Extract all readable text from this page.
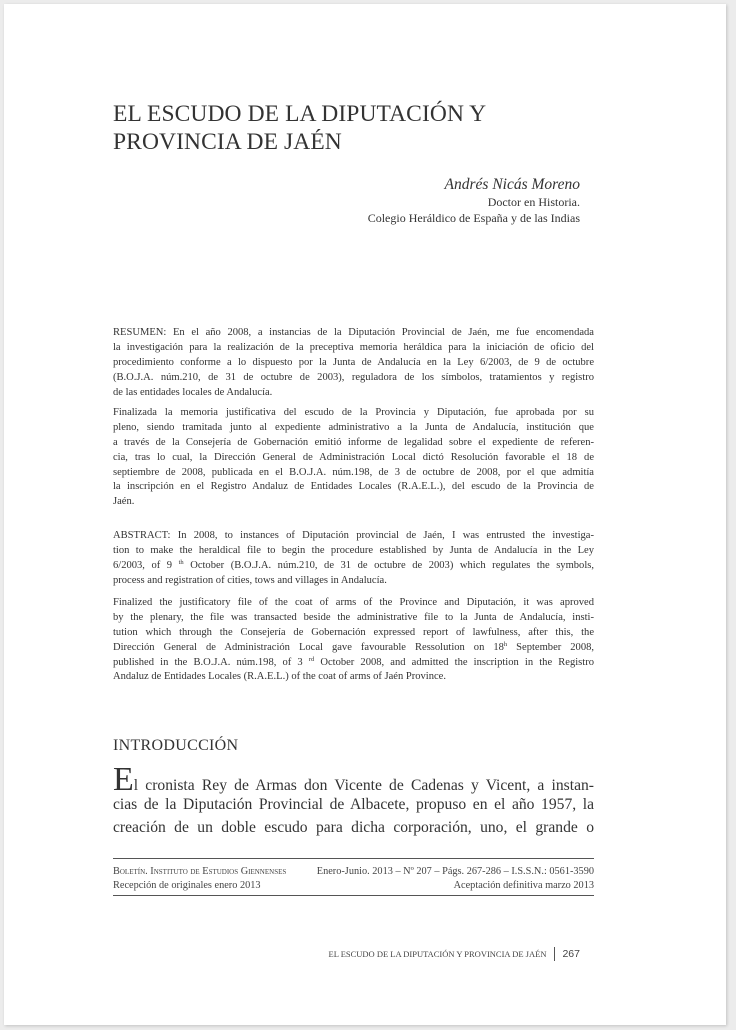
EL ESCUDO DE LA DIPUTACIÓN Y
PROVINCIA DE JAÉN
Andrés Nicás Moreno
Doctor en Historia.
Colegio Heráldico de España y de las Indias
RESUMEN: En el año 2008, a instancias de la Diputación Provincial de Jaén, me fue encomendada
la investigación para la realización de la preceptiva memoria heráldica para la iniciación de oficio del
procedimiento conforme a lo dispuesto por la Junta de Andalucía en la Ley 6/2003, de 9 de octubre
(B.O.J.A. núm.210, de 31 de octubre de 2003), reguladora de los símbolos, tratamientos y registro
de las entidades locales de Andalucía.
Finalizada la memoria justificativa del escudo de la Provincia y Diputación, fue aprobada por su
pleno, siendo tramitada junto al expediente administrativo a la Junta de Andalucía, institución que
a través de la Consejería de Gobernación emitió informe de legalidad sobre el expediente de referen-
cia, tras lo cual, la Dirección General de Administración Local dictó Resolución favorable el 18 de
septiembre de 2008, publicada en el B.O.J.A. núm.198, de 3 de octubre de 2008, por el que admitía
la inscripción en el Registro Andaluz de Entidades Locales (R.A.E.L.), del escudo de la Provincia de
Jaén.
ABSTRACT: In 2008, to instances of Diputación provincial de Jaén, I was entrusted the investiga-
tion to make the heraldical file to begin the procedure established by Junta de Andalucía in the Ley
6/2003, of 9 $^{th}$ October (B.O.J.A. núm.210, de 31 de octubre de 2003) which regulates the symbols,
process and registration of cities, tows and villages in Andalucía.
Finalized the justificatory file of the coat of arms of the Province and Diputación, it was aproved
by the plenary, the file was transacted beside the administrative file to la Junta de Andalucía, insti-
tution which through the Consejería de Gobernación expressed report of lawfulness, after this, the
Dirección General de Administración Local gave favourable Ressolution on 18$^h$ September 2008,
published in the B.O.J.A. núm.198, of 3 $^{rd}$ October 2008, and admitted the inscription in the Registro
Andaluz de Entidades Locales (R.A.E.L.) of the coat of arms of Jaén Province.
INTRODUCCIÓN
El cronista Rey de Armas don Vicente de Cadenas y Vicent, a instan-
cias de la Diputación Provincial de Albacete, propuso en el año 1957, la
creación de un doble escudo para dicha corporación, uno, el grande o
Boletín. Instituto de Estudios Giennenses	Enero-Junio. 2013 – Nº 207 – Págs. 267-286 – I.S.S.N.: 0561-3590
Recepción de originales enero 2013	Aceptación definitiva marzo 2013
EL ESCUDO DE LA DIPUTACIÓN Y PROVINCIA DE JAÉN 267
